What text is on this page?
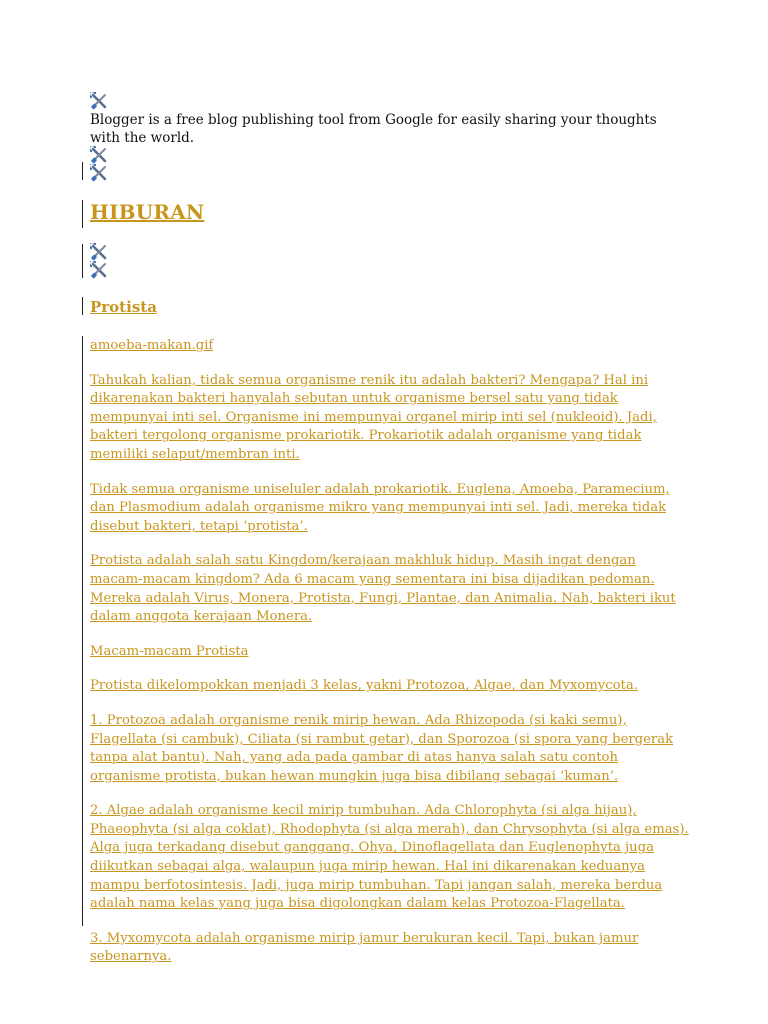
Blogger is a free blog publishing tool from Google for easily sharing your thoughts with the world.
HIBURAN
Protista

amoeba-makan.gif

Tahukah kalian, tidak semua organisme renik itu adalah bakteri? Mengapa? Hal ini dikarenakan bakteri hanyalah sebutan untuk organisme bersel satu yang tidak mempunyai inti sel. Organisme ini mempunyai organel mirip inti sel (nukleoid). Jadi, bakteri tergolong organisme prokariotik. Prokariotik adalah organisme yang tidak memiliki selaput/membran inti.

Tidak semua organisme uniseluler adalah prokariotik. Euglena, Amoeba, Paramecium, dan Plasmodium adalah organisme mikro yang mempunyai inti sel. Jadi, mereka tidak disebut bakteri, tetapi ‘protista’.

Protista adalah salah satu Kingdom/kerajaan makhluk hidup. Masih ingat dengan macam-macam kingdom? Ada 6 macam yang sementara ini bisa dijadikan pedoman. Mereka adalah Virus, Monera, Protista, Fungi, Plantae, dan Animalia. Nah, bakteri ikut dalam anggota kerajaan Monera.

Macam-macam Protista

Protista dikelompokkan menjadi 3 kelas, yakni Protozoa, Algae, dan Myxomycota.

1. Protozoa adalah organisme renik mirip hewan. Ada Rhizopoda (si kaki semu), Flagellata (si cambuk), Ciliata (si rambut getar), dan Sporozoa (si spora yang bergerak tanpa alat bantu). Nah, yang ada pada gambar di atas hanya salah satu contoh organisme protista, bukan hewan mungkin juga bisa dibilang sebagai ‘kuman’.

2. Algae adalah organisme kecil mirip tumbuhan. Ada Chlorophyta (si alga hijau), Phaeophyta (si alga coklat), Rhodophyta (si alga merah), dan Chrysophyta (si alga emas). Alga juga terkadang disebut ganggang. Ohya, Dinoflagellata dan Euglenophyta juga diikutkan sebagai alga, walaupun juga mirip hewan. Hal ini dikarenakan keduanya mampu berfotosintesis. Jadi, juga mirip tumbuhan. Tapi jangan salah, mereka berdua adalah nama kelas yang juga bisa digolongkan dalam kelas Protozoa-Flagellata.

3. Myxomycota adalah organisme mirip jamur berukuran kecil. Tapi, bukan jamur sebenarnya.
